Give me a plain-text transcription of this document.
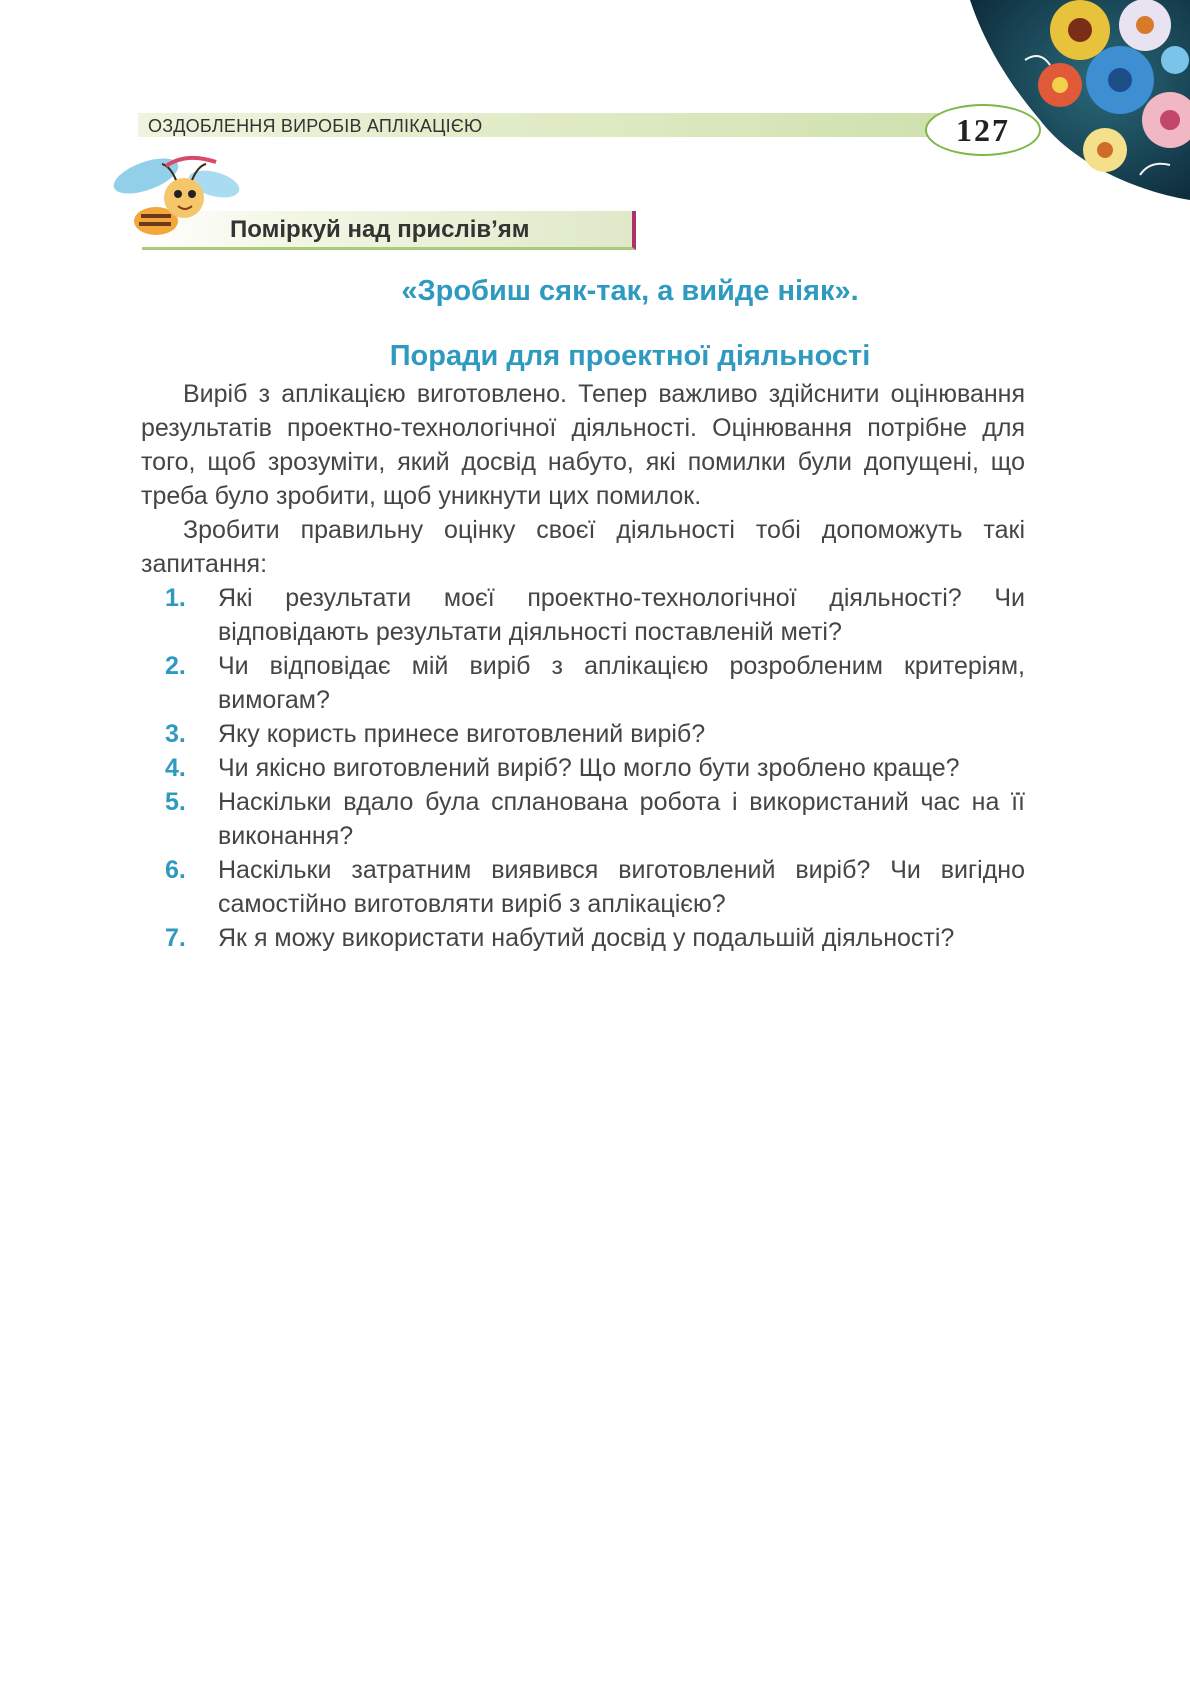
ОЗДОБЛЕННЯ ВИРОБІВ АПЛІКАЦІЄЮ	127
Поміркуй над прислів’ям
«Зробиш сяк-так, а вийде ніяк».
Поради для проектної діяльності

Виріб з аплікацією виготовлено. Тепер важливо здійснити оцінювання результатів проектно-технологічної діяльності. Оцінювання потрібне для того, щоб зрозуміти, який досвід набуто, які помилки були допущені, що треба було зробити, щоб уникнути цих помилок.

Зробити правильну оцінку своєї діяльності тобі допоможуть такі запитання:

1. Які результати моєї проектно-технологічної діяльності? Чи відповідають результати діяльності поставленій меті?
2. Чи відповідає мій виріб з аплікацією розробленим критеріям, вимогам?
3. Яку користь принесе виготовлений виріб?
4. Чи якісно виготовлений виріб? Що могло бути зроблено краще?
5. Наскільки вдало була спланована робота і використаний час на її виконання?
6. Наскільки затратним виявився виготовлений виріб? Чи вигідно самостійно виготовляти виріб з аплікацією?
7. Як я можу використати набутий досвід у подальшій діяльності?
